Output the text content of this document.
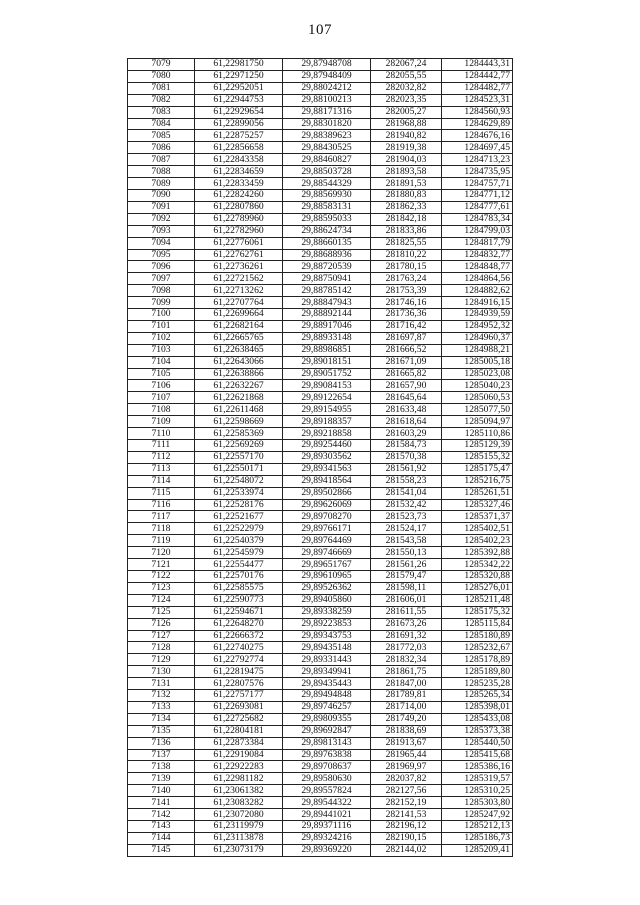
107
7079	61,22981750	29,87948708	282067,24	1284443,31
7080	61,22971250	29,87948409	282055,55	1284442,77
7081	61,22952051	29,88024212	282032,82	1284482,77
7082	61,22944753	29,88100213	282023,35	1284523,31
7083	61,22929654	29,88171316	282005,27	1284560,93
7084	61,22899056	29,88301820	281968,88	1284629,89
7085	61,22875257	29,88389623	281940,82	1284676,16
7086	61,22856658	29,88430525	281919,38	1284697,45
7087	61,22843358	29,88460827	281904,03	1284713,23
7088	61,22834659	29,88503728	281893,58	1284735,95
7089	61,22833459	29,88544329	281891,53	1284757,71
7090	61,22824260	29,88569930	281880,83	1284771,12
7091	61,22807860	29,88583131	281862,33	1284777,61
7092	61,22789960	29,88595033	281842,18	1284783,34
7093	61,22782960	29,88624734	281833,86	1284799,03
7094	61,22776061	29,88660135	281825,55	1284817,79
7095	61,22762761	29,88688936	281810,22	1284832,77
7096	61,22736261	29,88720539	281780,15	1284848,77
7097	61,22721562	29,88750941	281763,24	1284864,56
7098	61,22713262	29,88785142	281753,39	1284882,62
7099	61,22707764	29,88847943	281746,16	1284916,15
7100	61,22699664	29,88892144	281736,36	1284939,59
7101	61,22682164	29,88917046	281716,42	1284952,32
7102	61,22665765	29,88933148	281697,87	1284960,37
7103	61,22638465	29,88986851	281666,52	1284988,21
7104	61,22643066	29,89018151	281671,09	1285005,18
7105	61,22638866	29,89051752	281665,82	1285023,08
7106	61,22632267	29,89084153	281657,90	1285040,23
7107	61,22621868	29,89122654	281645,64	1285060,53
7108	61,22611468	29,89154955	281633,48	1285077,50
7109	61,22598669	29,89188357	281618,64	1285094,97
7110	61,22585369	29,89218858	281603,29	1285110,86
7111	61,22569269	29,89254460	281584,73	1285129,39
7112	61,22557170	29,89303562	281570,38	1285155,32
7113	61,22550171	29,89341563	281561,92	1285175,47
7114	61,22548072	29,89418564	281558,23	1285216,75
7115	61,22533974	29,89502866	281541,04	1285261,51
7116	61,22528176	29,89626069	281532,42	1285327,46
7117	61,22521677	29,89708270	281523,73	1285371,37
7118	61,22522979	29,89766171	281524,17	1285402,51
7119	61,22540379	29,89764469	281543,58	1285402,23
7120	61,22545979	29,89746669	281550,13	1285392,88
7121	61,22554477	29,89651767	281561,26	1285342,22
7122	61,22570176	29,89610965	281579,47	1285320,88
7123	61,22585575	29,89526362	281598,11	1285276,01
7124	61,22590773	29,89405860	281606,01	1285211,48
7125	61,22594671	29,89338259	281611,55	1285175,32
7126	61,22648270	29,89223853	281673,26	1285115,84
7127	61,22666372	29,89343753	281691,32	1285180,89
7128	61,22740275	29,89435148	281772,03	1285232,67
7129	61,22792774	29,89331443	281832,34	1285178,89
7130	61,22819475	29,89349941	281861,75	1285189,80
7131	61,22807576	29,89435443	281847,00	1285235,28
7132	61,22757177	29,89494848	281789,81	1285265,34
7133	61,22693081	29,89746257	281714,00	1285398,01
7134	61,22725682	29,89809355	281749,20	1285433,08
7135	61,22804181	29,89692847	281838,69	1285373,38
7136	61,22873384	29,89813143	281913,67	1285440,50
7137	61,22919084	29,89763838	281965,44	1285415,68
7138	61,22922283	29,89708637	281969,97	1285386,16
7139	61,22981182	29,89580630	282037,82	1285319,57
7140	61,23061382	29,89557824	282127,56	1285310,25
7141	61,23083282	29,89544322	282152,19	1285303,80
7142	61,23072080	29,89441021	282141,53	1285247,92
7143	61,23119979	29,89371116	282196,12	1285212,13
7144	61,23113878	29,89324216	282190,15	1285186,73
7145	61,23073179	29,89369220	282144,02	1285209,41
